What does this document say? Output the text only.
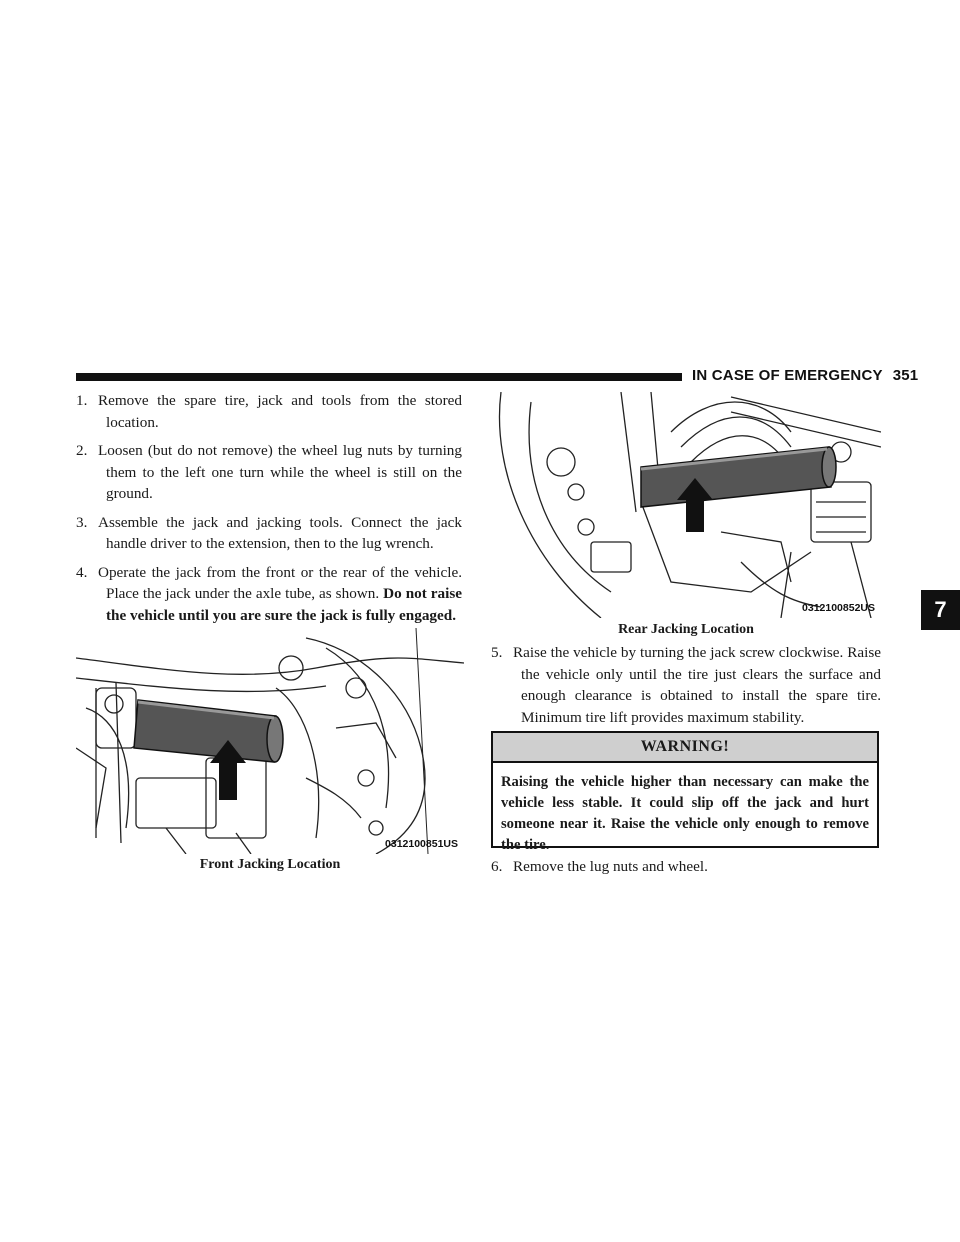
IN CASE OF EMERGENCY 351
7

1. Remove the spare tire, jack and tools from the stored location.

2. Loosen (but do not remove) the wheel lug nuts by turning them to the left one turn while the wheel is still on the ground.

3. Assemble the jack and jacking tools. Connect the jack handle driver to the extension, then to the lug wrench.

4. Operate the jack from the front or the rear of the vehicle. Place the jack under the axle tube, as shown. Do not raise the vehicle until you are sure the jack is fully engaged.

0312100851US
Front Jacking Location
0312100852US
Rear Jacking Location

5. Raise the vehicle by turning the jack screw clockwise. Raise the vehicle only until the tire just clears the surface and enough clearance is obtained to install the spare tire. Minimum tire lift provides maximum stability.

WARNING!
Raising the vehicle higher than necessary can make the vehicle less stable. It could slip off the jack and hurt someone near it. Raise the vehicle only enough to remove the tire.

6. Remove the lug nuts and wheel.
